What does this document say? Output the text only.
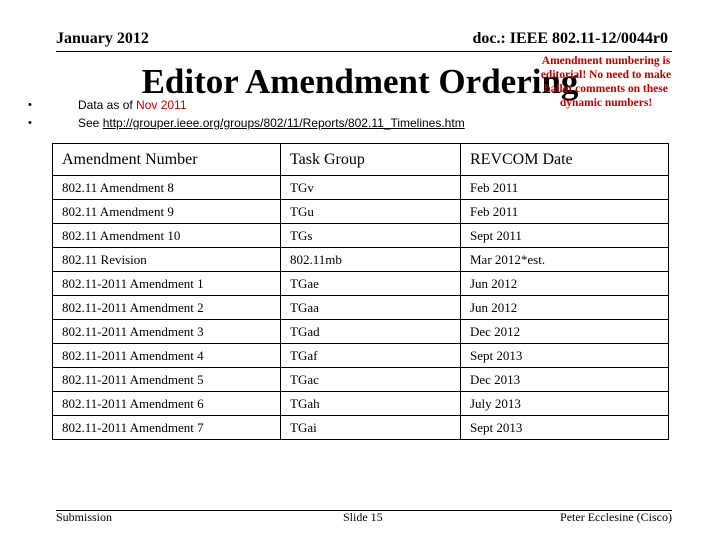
January 2012	doc.: IEEE 802.11-12/0044r0
Editor Amendment Ordering
Amendment numbering is editorial! No need to make ballot comments on these dynamic numbers!
•	Data as of Nov 2011
•	See http://grouper.ieee.org/groups/802/11/Reports/802.11_Timelines.htm
Amendment Number	Task Group	REVCOM Date
802.11 Amendment 8	TGv	Feb 2011
802.11 Amendment 9	TGu	Feb 2011
802.11 Amendment 10	TGs	Sept 2011
802.11 Revision	802.11mb	Mar 2012*est.
802.11-2011 Amendment 1	TGae	Jun 2012
802.11-2011 Amendment 2	TGaa	Jun 2012
802.11-2011 Amendment 3	TGad	Dec 2012
802.11-2011 Amendment 4	TGaf	Sept 2013
802.11-2011 Amendment 5	TGac	Dec 2013
802.11-2011 Amendment 6	TGah	July 2013
802.11-2011 Amendment 7	TGai	Sept 2013
Submission	Slide 15	Peter Ecclesine (Cisco)
